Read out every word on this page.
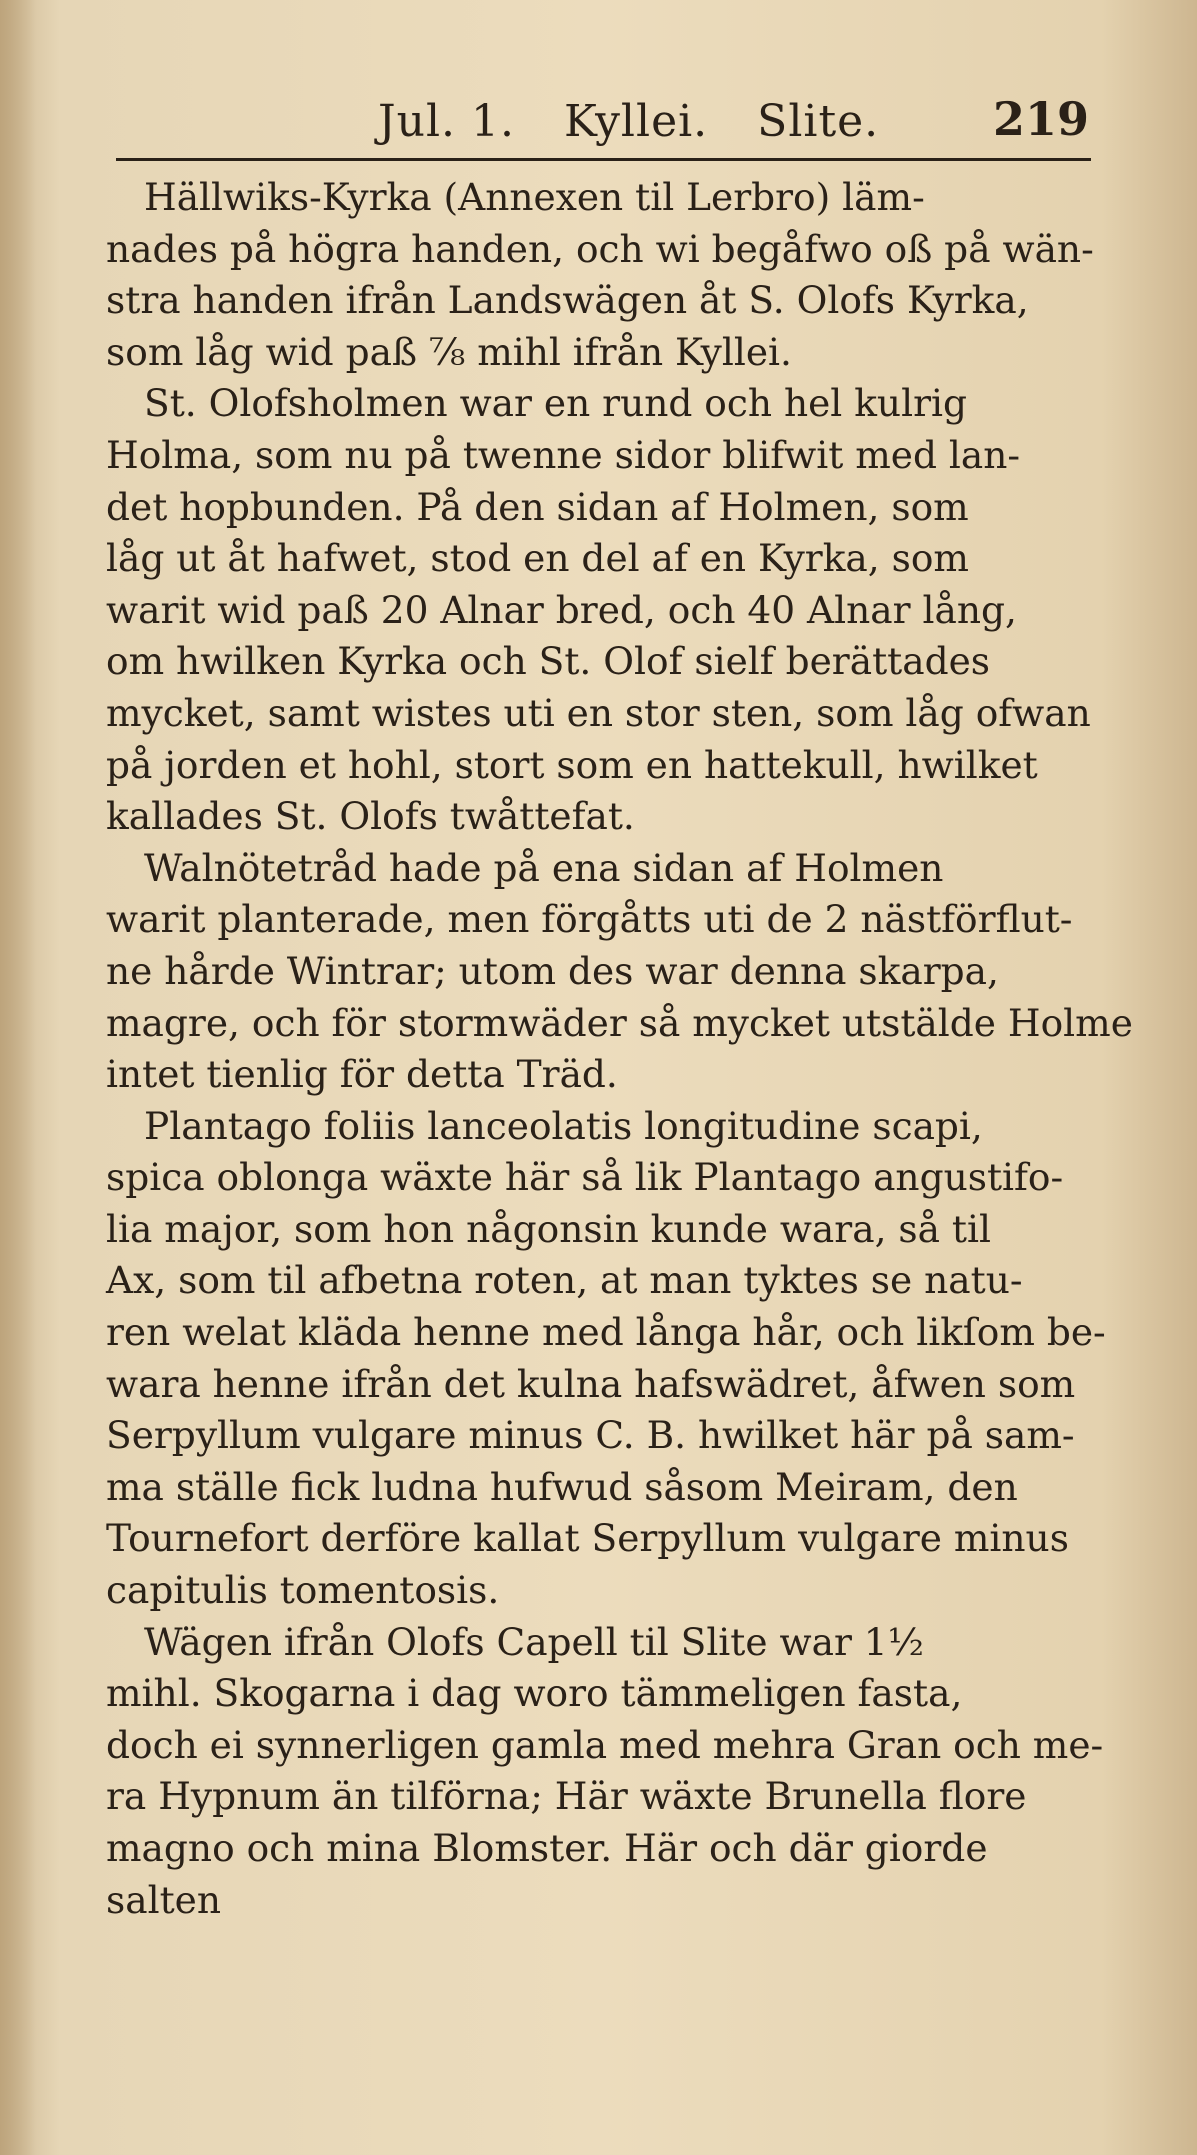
Jul. 1. Kyllei. Slite.	219
Hällwiks-Kyrka (Annexen til Lerbro) läm-
nades på högra handen, och wi begåfwo oß på wän-
stra handen ifrån Landswägen åt S. Olofs Kyrka,
som låg wid paß ⅞ mihl ifrån Kyllei.
St. Olofsholmen war en rund och hel kulrig
Holma, som nu på twenne sidor blifwit med lan-
det hopbunden. På den sidan af Holmen, som
låg ut åt hafwet, stod en del af en Kyrka, som
warit wid paß 20 Alnar bred, och 40 Alnar lång,
om hwilken Kyrka och St. Olof sielf berättades
mycket, samt wistes uti en stor sten, som låg ofwan
på jorden et hohl, stort som en hattekull, hwilket
kallades St. Olofs twåttefat.
Walnötetråd hade på ena sidan af Holmen
warit planterade, men förgåtts uti de 2 nästförflut-
ne hårde Wintrar; utom des war denna skarpa,
magre, och för stormwäder så mycket utstälde Holme
intet tienlig för detta Träd.
Plantago foliis lanceolatis longitudine scapi,
spica oblonga wäxte här så lik Plantago angustifo-
lia major, som hon någonsin kunde wara, så til
Ax, som til afbetna roten, at man tyktes se natu-
ren welat kläda henne med långa hår, och likſom be-
wara henne ifrån det kulna hafswädret, åfwen som
Serpyllum vulgare minus C. B. hwilket här på sam-
ma ställe fick ludna hufwud såsom Meiram, den
Tournefort derföre kallat Serpyllum vulgare minus
capitulis tomentosis.
Wägen ifrån Olofs Capell til Slite war 1½
mihl. Skogarna i dag woro tämmeligen fasta,
doch ei synnerligen gamla med mehra Gran och me-
ra Hypnum än tilförna; Här wäxte Brunella flore
magno och mina Blomster. Här och där giorde
salten
